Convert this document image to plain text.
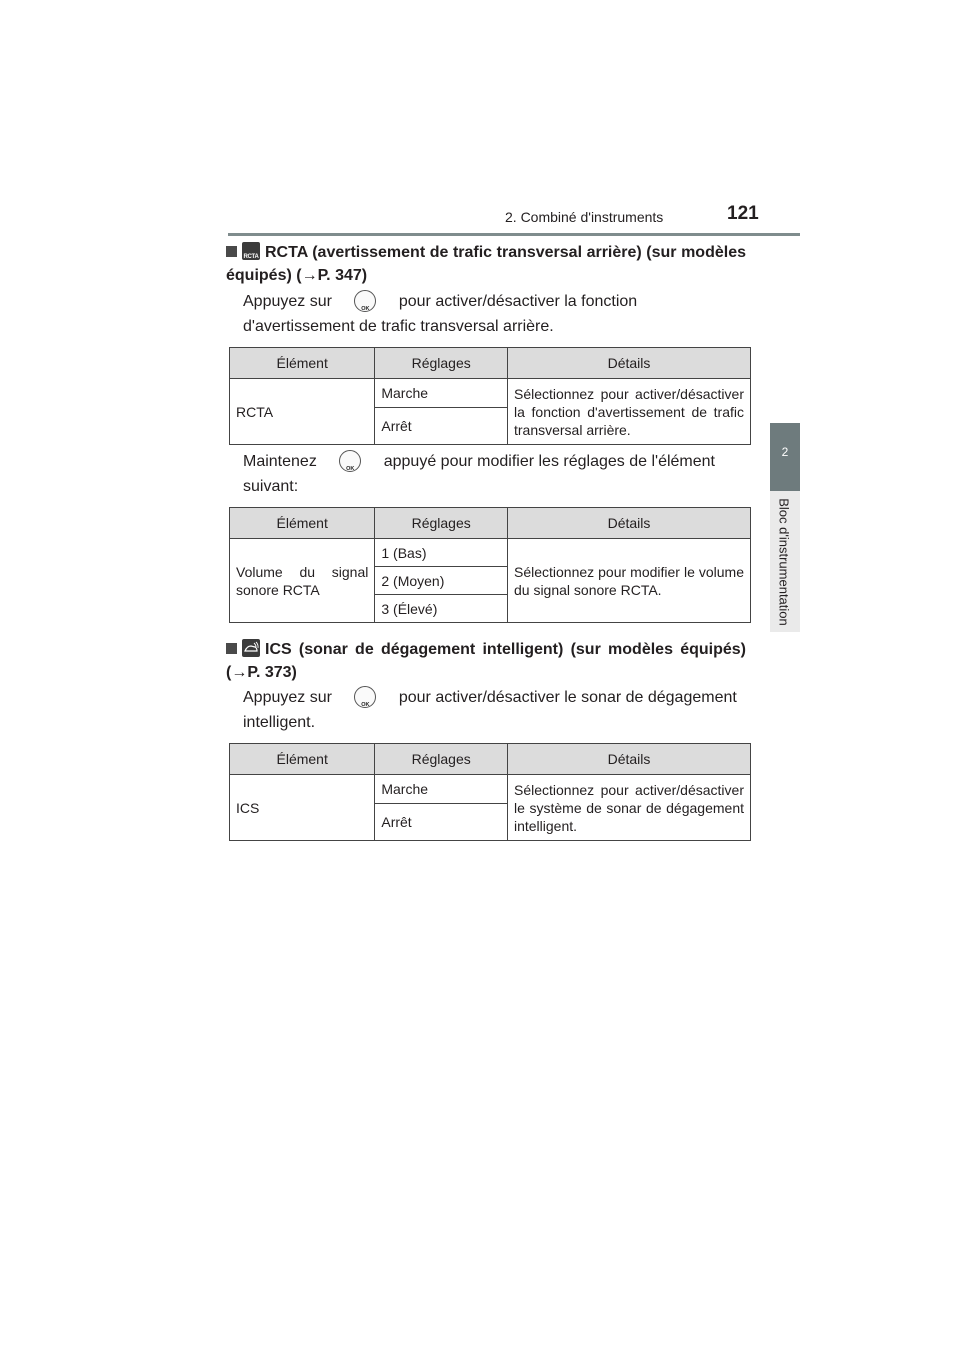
2. Combiné d'instruments	121
2
Bloc d'instrumentation
RCTA RCTA (avertissement de trafic transversal arrière) (sur modèles équipés) (→P. 347)
Appuyez sur OK	pour activer/désactiver la fonction d'avertissement de trafic transversal arrière.
Élément	Réglages	Détails
RCTA	Marche	Sélectionnez pour activer/désactiver la fonction d'avertissement de trafic transversal arrière.
	Arrêt	
Maintenez OK	appuyé pour modifier les réglages de l'élément suivant:
Élément	Réglages	Détails
Volume du signal sonore RCTA	1 (Bas)	Sélectionnez pour modifier le volume du signal sonore RCTA.
	2 (Moyen)	
	3 (Élevé)	
ICS (sonar de dégagement intelligent) (sur modèles équipés) (→P. 373)
Appuyez sur OK	pour activer/désactiver le sonar de dégagement intelligent.
Élément	Réglages	Détails
ICS	Marche	Sélectionnez pour activer/désactiver le système de sonar de dégagement intelligent.
	Arrêt	
